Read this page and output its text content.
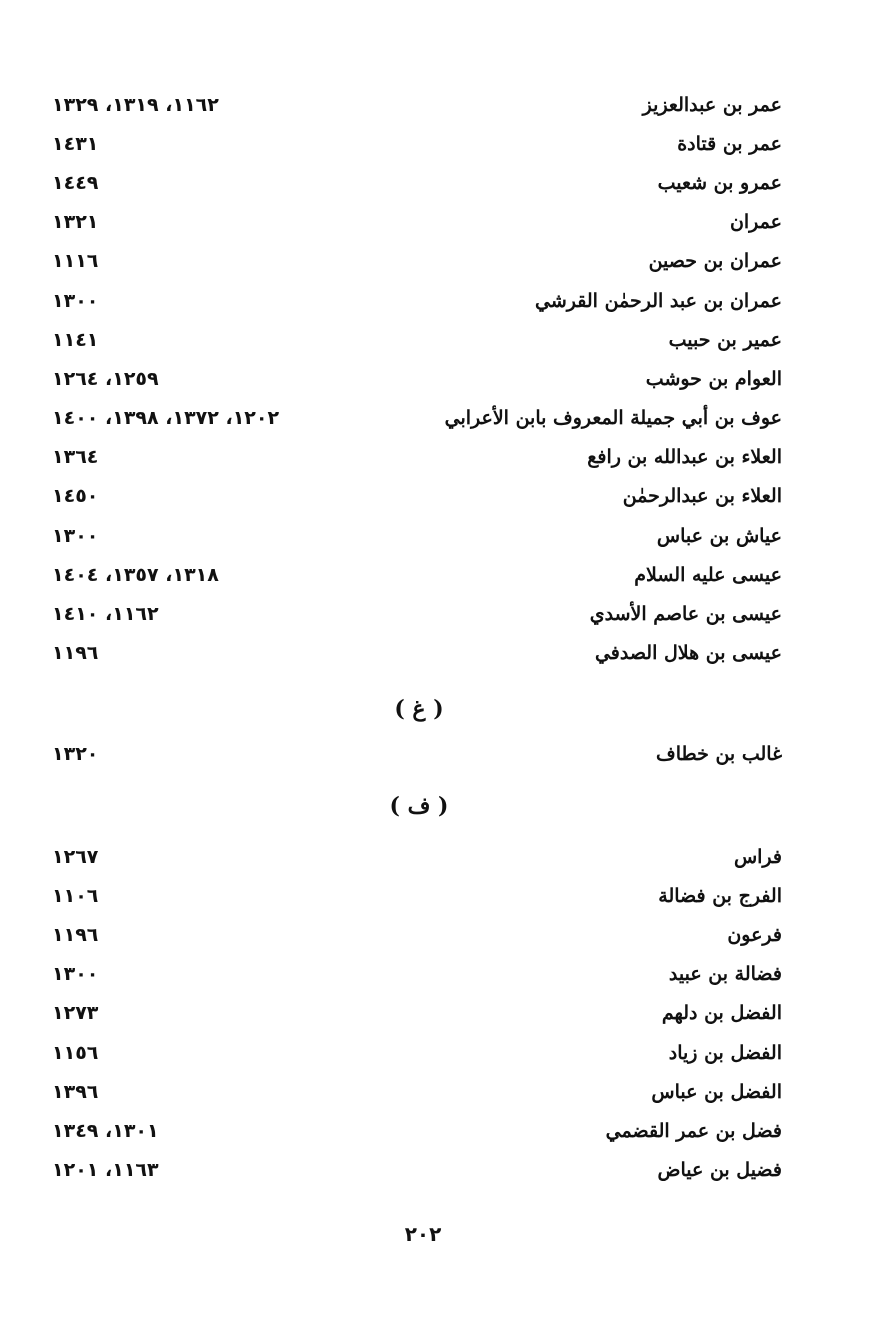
١١٦٢، ١٣١٩، ١٣٢٩	عمر بن عبدالعزيز
١٤٣١	عمر بن قتادة
١٤٤٩	عمرو بن شعيب
١٣٢١	عمران
١١١٦	عمران بن حصين
١٣٠٠	عمران بن عبد الرحمٰن القرشي
١١٤١	عمير بن حبيب
١٢٥٩، ١٢٦٤	العوام بن حوشب
١٢٠٢، ١٣٧٢، ١٣٩٨، ١٤٠٠	عوف بن أبي جميلة المعروف بابن الأعرابي
١٣٦٤	العلاء بن عبدالله بن رافع
١٤٥٠	العلاء بن عبدالرحمٰن
١٣٠٠	عياش بن عباس
١٣١٨، ١٣٥٧، ١٤٠٤	عيسى عليه السلام
١١٦٢، ١٤١٠	عيسى بن عاصم الأسدي
١١٩٦	عيسى بن هلال الصدفي
( غ )
١٣٢٠	غالب بن خطاف
( ف )
١٢٦٧	فراس
١١٠٦	الفرج بن فضالة
١١٩٦	فرعون
١٣٠٠	فضالة بن عبيد
١٢٧٣	الفضل بن دلهم
١١٥٦	الفضل بن زياد
١٣٩٦	الفضل بن عباس
١٣٠١، ١٣٤٩	فضل بن عمر القضمي
١١٦٣، ١٢٠١	فضيل بن عياض
٢٠٢
